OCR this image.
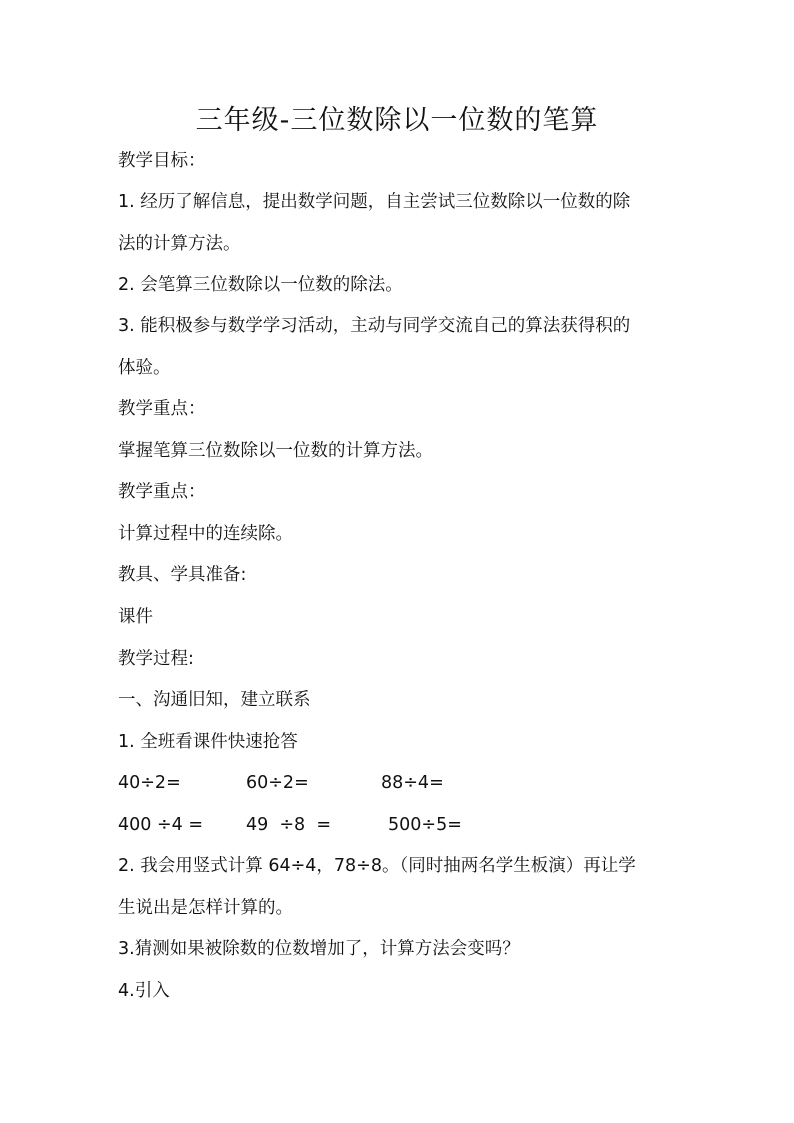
三年级-三位数除以一位数的笔算
教学目标：
1. 经历了解信息，提出数学问题，自主尝试三位数除以一位数的除
法的计算方法。
2. 会笔算三位数除以一位数的除法。
3. 能积极参与数学学习活动，主动与同学交流自己的算法获得积的
体验。
教学重点：
掌握笔算三位数除以一位数的计算方法。
教学重点：
计算过程中的连续除。
教具、学具准备:
课件
教学过程:
一、沟通旧知，建立联系
1. 全班看课件快速抢答
40÷2=	60÷2=	88÷4=
400 ÷4 = 49  ÷8  =	500÷5=
2. 我会用竖式计算 64÷4，78÷8。（同时抽两名学生板演）再让学
生说出是怎样计算的。
3.猜测如果被除数的位数增加了，计算方法会变吗？
4.引入
